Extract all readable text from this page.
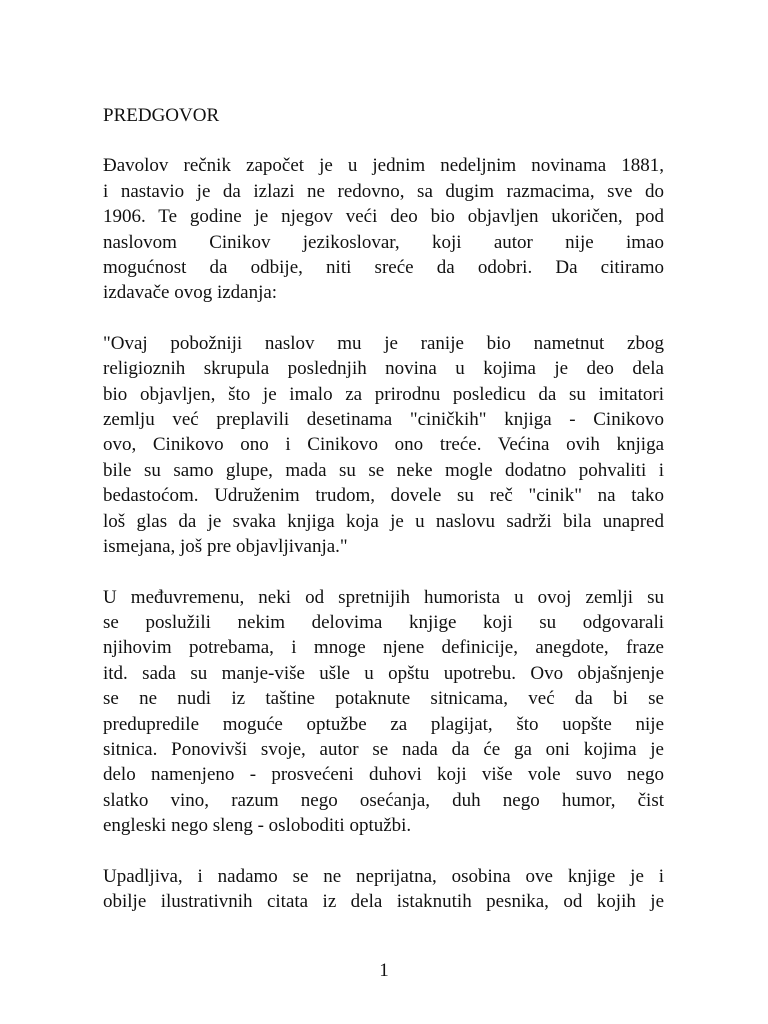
PREDGOVOR
Đavolov rečnik započet je u jednim nedeljnim novinama 1881,
i nastavio je da izlazi ne redovno, sa dugim razmacima, sve do
1906. Te godine je njegov veći deo bio objavljen ukoričen, pod
naslovom Cinikov jezikoslovar, koji autor nije imao
mogućnost da odbije, niti sreće da odobri. Da citiramo
izdavače ovog izdanja:
"Ovaj pobožniji naslov mu je ranije bio nametnut zbog
religioznih skrupula poslednjih novina u kojima je deo dela
bio objavljen, što je imalo za prirodnu posledicu da su imitatori
zemlju već preplavili desetinama "ciničkih" knjiga - Cinikovo
ovo, Cinikovo ono i Cinikovo ono treće. Većina ovih knjiga
bile su samo glupe, mada su se neke mogle dodatno pohvaliti i
bedastoćom. Udruženim trudom, dovele su reč "cinik" na tako
loš glas da je svaka knjiga koja je u naslovu sadrži bila unapred
ismejana, još pre objavljivanja."
U međuvremenu, neki od spretnijih humorista u ovoj zemlji su
se poslužili nekim delovima knjige koji su odgovarali
njihovim potrebama, i mnoge njene definicije, anegdote, fraze
itd. sada su manje-više ušle u opštu upotrebu. Ovo objašnjenje
se ne nudi iz taštine potaknute sitnicama, već da bi se
predupredile moguće optužbe za plagijat, što uopšte nije
sitnica. Ponovivši svoje, autor se nada da će ga oni kojima je
delo namenjeno - prosvećeni duhovi koji više vole suvo nego
slatko vino, razum nego osećanja, duh nego humor, čist
engleski nego sleng - osloboditi optužbi.
Upadljiva, i nadamo se ne neprijatna, osobina ove knjige je i
obilje ilustrativnih citata iz dela istaknutih pesnika, od kojih je
1
